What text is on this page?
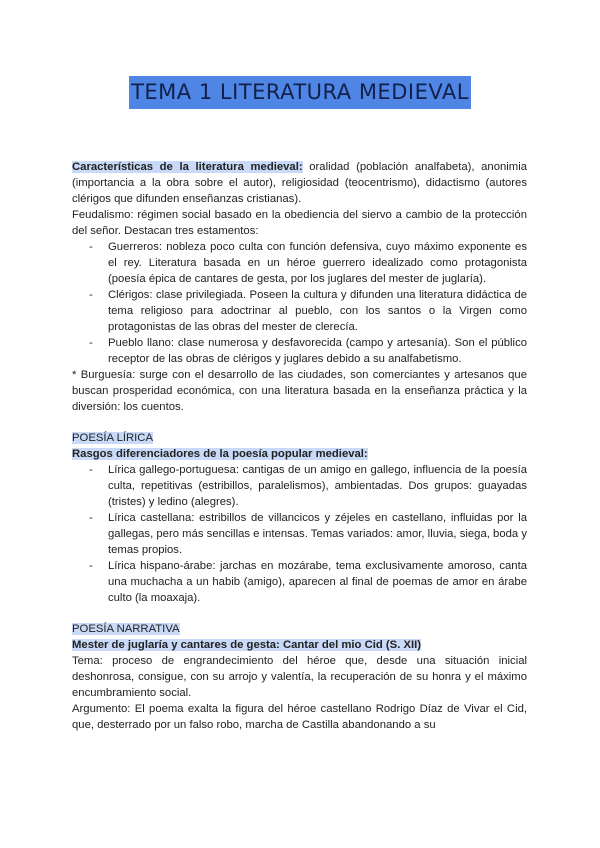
TEMA 1 LITERATURA MEDIEVAL

Características de la literatura medieval: oralidad (población analfabeta), anonimia (importancia a la obra sobre el autor), religiosidad (teocentrismo), didactismo (autores clérigos que difunden enseñanzas cristianas).

Feudalismo: régimen social basado en la obediencia del siervo a cambio de la protección del señor. Destacan tres estamentos:

- Guerreros: nobleza poco culta con función defensiva, cuyo máximo exponente es el rey. Literatura basada en un héroe guerrero idealizado como protagonista (poesía épica de cantares de gesta, por los juglares del mester de juglaría).
- Clérigos: clase privilegiada. Poseen la cultura y difunden una literatura didáctica de tema religioso para adoctrinar al pueblo, con los santos o la Virgen como protagonistas de las obras del mester de clerecía.
- Pueblo llano: clase numerosa y desfavorecida (campo y artesanía). Son el público receptor de las obras de clérigos y juglares debido a su analfabetismo.

* Burguesía: surge con el desarrollo de las ciudades, son comerciantes y artesanos que buscan prosperidad económica, con una literatura basada en la enseñanza práctica y la diversión: los cuentos.

POESÍA LÍRICA

Rasgos diferenciadores de la poesía popular medieval:

- Lírica gallego-portuguesa: cantigas de un amigo en gallego, influencia de la poesía culta, repetitivas (estribillos, paralelismos), ambientadas. Dos grupos: guayadas (tristes) y ledino (alegres).
- Lírica castellana: estribillos de villancicos y zéjeles en castellano, influidas por la gallegas, pero más sencillas e intensas. Temas variados: amor, lluvia, siega, boda y temas propios.
- Lírica hispano-árabe: jarchas en mozárabe, tema exclusivamente amoroso, canta una muchacha a un habib (amigo), aparecen al final de poemas de amor en árabe culto (la moaxaja).
POESÍA NARRATIVA

Mester de juglaría y cantares de gesta: Cantar del mio Cid (S. XII)

Tema: proceso de engrandecimiento del héroe que, desde una situación inicial deshonrosa, consigue, con su arrojo y valentía, la recuperación de su honra y el máximo encumbramiento social.

Argumento: El poema exalta la figura del héroe castellano Rodrigo Díaz de Vivar el Cid, que, desterrado por un falso robo, marcha de Castilla abandonando a su
